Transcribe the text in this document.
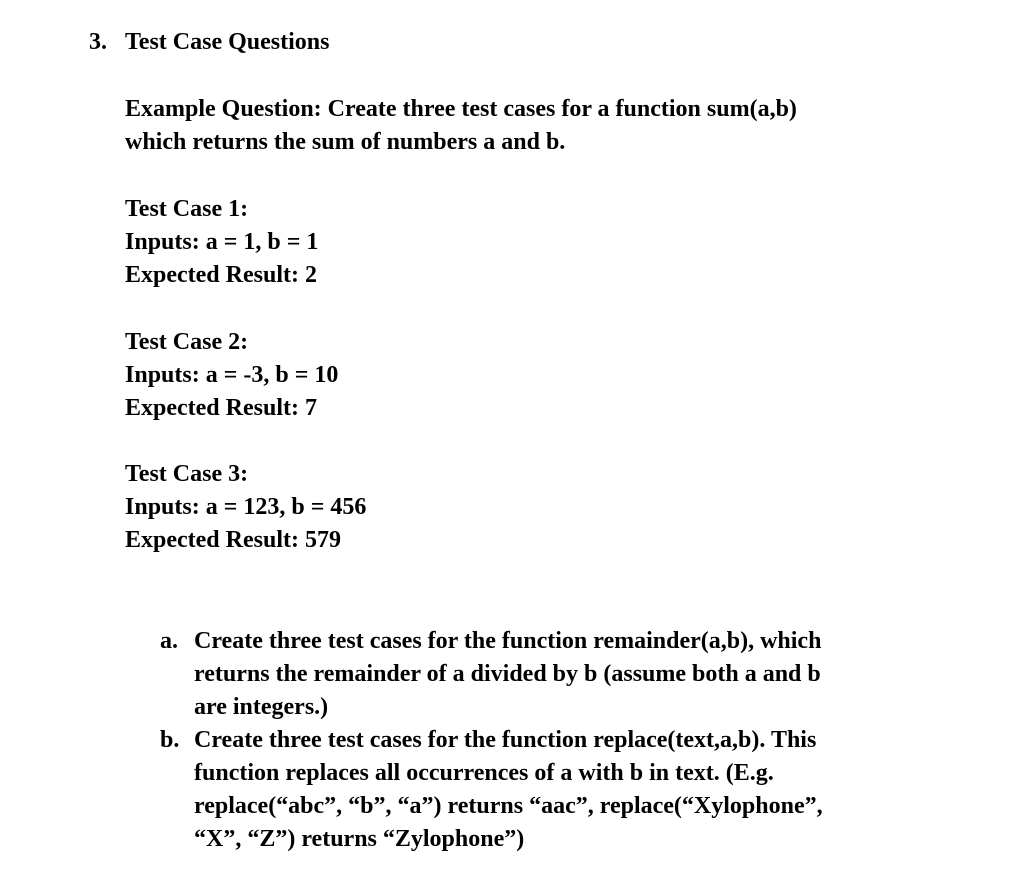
3. Test Case Questions
Example Question: Create three test cases for a function sum(a,b)
which returns the sum of numbers a and b.
Test Case 1:
Inputs: a = 1, b = 1
Expected Result: 2
Test Case 2:
Inputs: a = -3, b = 10
Expected Result: 7
Test Case 3:
Inputs: a = 123, b = 456
Expected Result: 579
a. Create three test cases for the function remainder(a,b), which
returns the remainder of a divided by b (assume both a and b
are integers.)
b. Create three test cases for the function replace(text,a,b). This
function replaces all occurrences of a with b in text. (E.g.
replace(“abc”, “b”, “a”) returns “aac”, replace(“Xylophone”,
“X”, “Z”) returns “Zylophone”)
